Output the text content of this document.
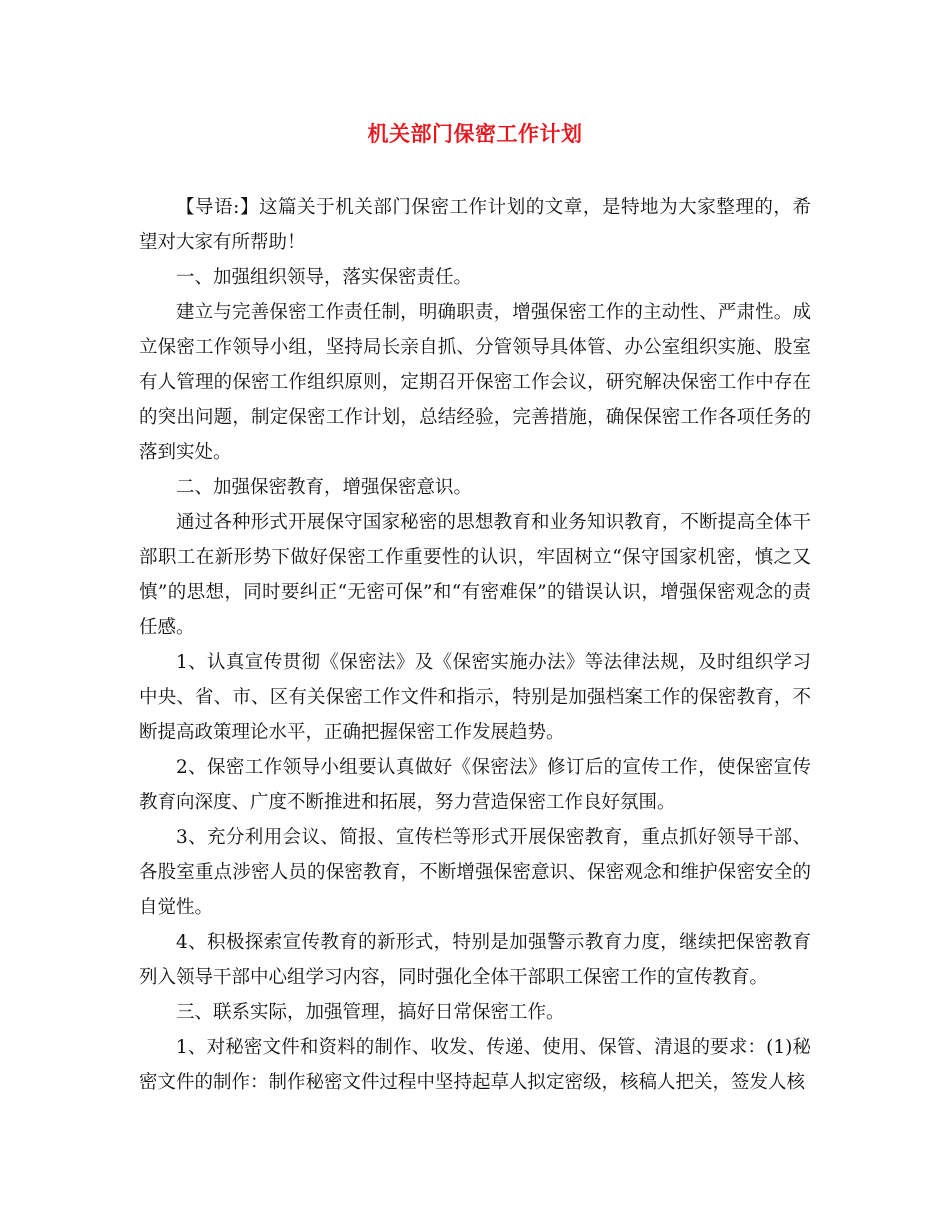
机关部门保密工作计划

【导语:】这篇关于机关部门保密工作计划的文章，是特地为大家整理的，希望对大家有所帮助！

一、加强组织领导，落实保密责任。

建立与完善保密工作责任制，明确职责，增强保密工作的主动性、严肃性。成立保密工作领导小组，坚持局长亲自抓、分管领导具体管、办公室组织实施、股室有人管理的保密工作组织原则，定期召开保密工作会议，研究解决保密工作中存在的突出问题，制定保密工作计划，总结经验，完善措施，确保保密工作各项任务的落到实处。

二、加强保密教育，增强保密意识。

通过各种形式开展保守国家秘密的思想教育和业务知识教育，不断提高全体干部职工在新形势下做好保密工作重要性的认识，牢固树立“保守国家机密，慎之又慎”的思想，同时要纠正“无密可保”和“有密难保”的错误认识，增强保密观念的责任感。

1、认真宣传贯彻《保密法》及《保密实施办法》等法律法规，及时组织学习中央、省、市、区有关保密工作文件和指示，特别是加强档案工作的保密教育，不断提高政策理论水平，正确把握保密工作发展趋势。

2、保密工作领导小组要认真做好《保密法》修订后的宣传工作，使保密宣传教育向深度、广度不断推进和拓展，努力营造保密工作良好氛围。

3、充分利用会议、简报、宣传栏等形式开展保密教育，重点抓好领导干部、各股室重点涉密人员的保密教育，不断增强保密意识、保密观念和维护保密安全的自觉性。

4、积极探索宣传教育的新形式，特别是加强警示教育力度，继续把保密教育列入领导干部中心组学习内容，同时强化全体干部职工保密工作的宣传教育。

三、联系实际，加强管理，搞好日常保密工作。

1、对秘密文件和资料的制作、收发、传递、使用、保管、清退的要求：(1)秘密文件的制作：制作秘密文件过程中坚持起草人拟定密级，核稿人把关，签发人核
